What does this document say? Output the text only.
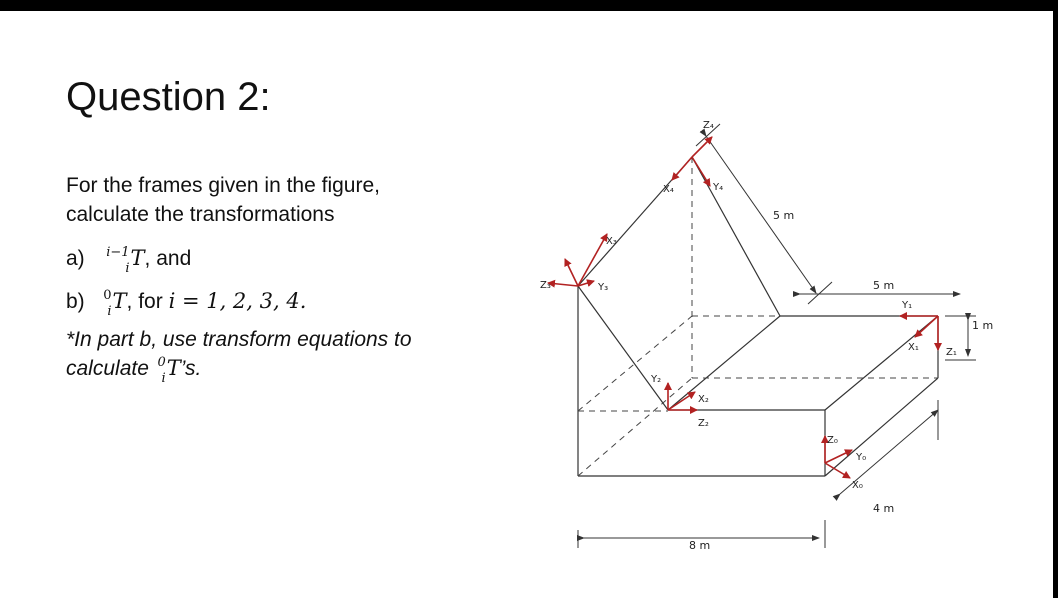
Question 2:
For the frames given in the figure,
calculate the transformations
a) i−1
i T, and
b) 0
i T, for i = 1, 2, 3, 4.
*In part b, use transform equations to
calculate 0
i T’s.
Z₀
Y₀
X₀
Y₁
X₁	Z₁
Y₂
X₂
Z₂
Z₃	Y₃
X₃
Z₄
X₄	Y₄
8 m
4 m
5 m
5 m
1 m
